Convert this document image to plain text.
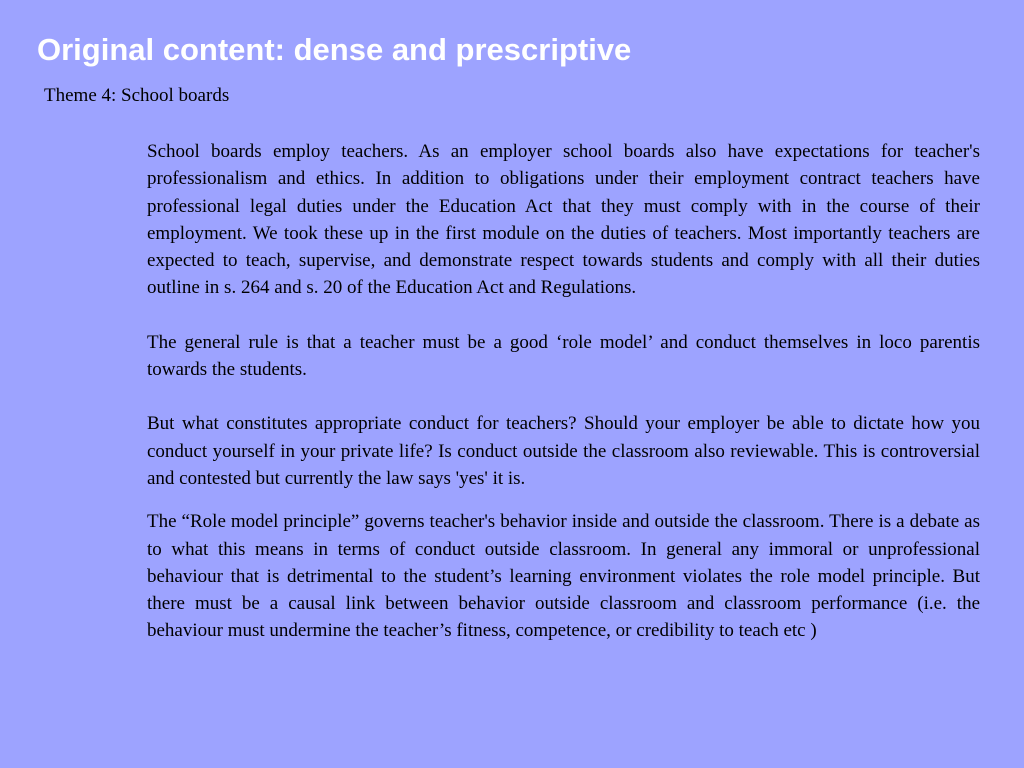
Original content: dense and prescriptive
Theme 4: School boards

School boards employ teachers. As an employer school boards also have expectations for teacher's professionalism and ethics. In addition to obligations under their employment contract teachers have professional legal duties under the Education Act that they must comply with in the course of their employment. We took these up in the first module on the duties of teachers. Most importantly teachers are expected to teach, supervise, and demonstrate respect towards students and comply with all their duties outline in s. 264 and s. 20 of the Education Act and Regulations.

The general rule is that a teacher must be a good ‘role model’ and conduct themselves in loco parentis towards the students.

But what constitutes appropriate conduct for teachers? Should your employer be able to dictate how you conduct yourself in your private life? Is conduct outside the classroom also reviewable. This is controversial and contested but currently the law says 'yes' it is.

The “Role model principle” governs teacher's behavior inside and outside the classroom. There is a debate as to what this means in terms of conduct outside classroom. In general any immoral or unprofessional behaviour that is detrimental to the student’s learning environment violates the role model principle. But there must be a causal link between behavior outside classroom and classroom performance (i.e. the behaviour must undermine the teacher’s fitness, competence, or credibility to teach etc )
